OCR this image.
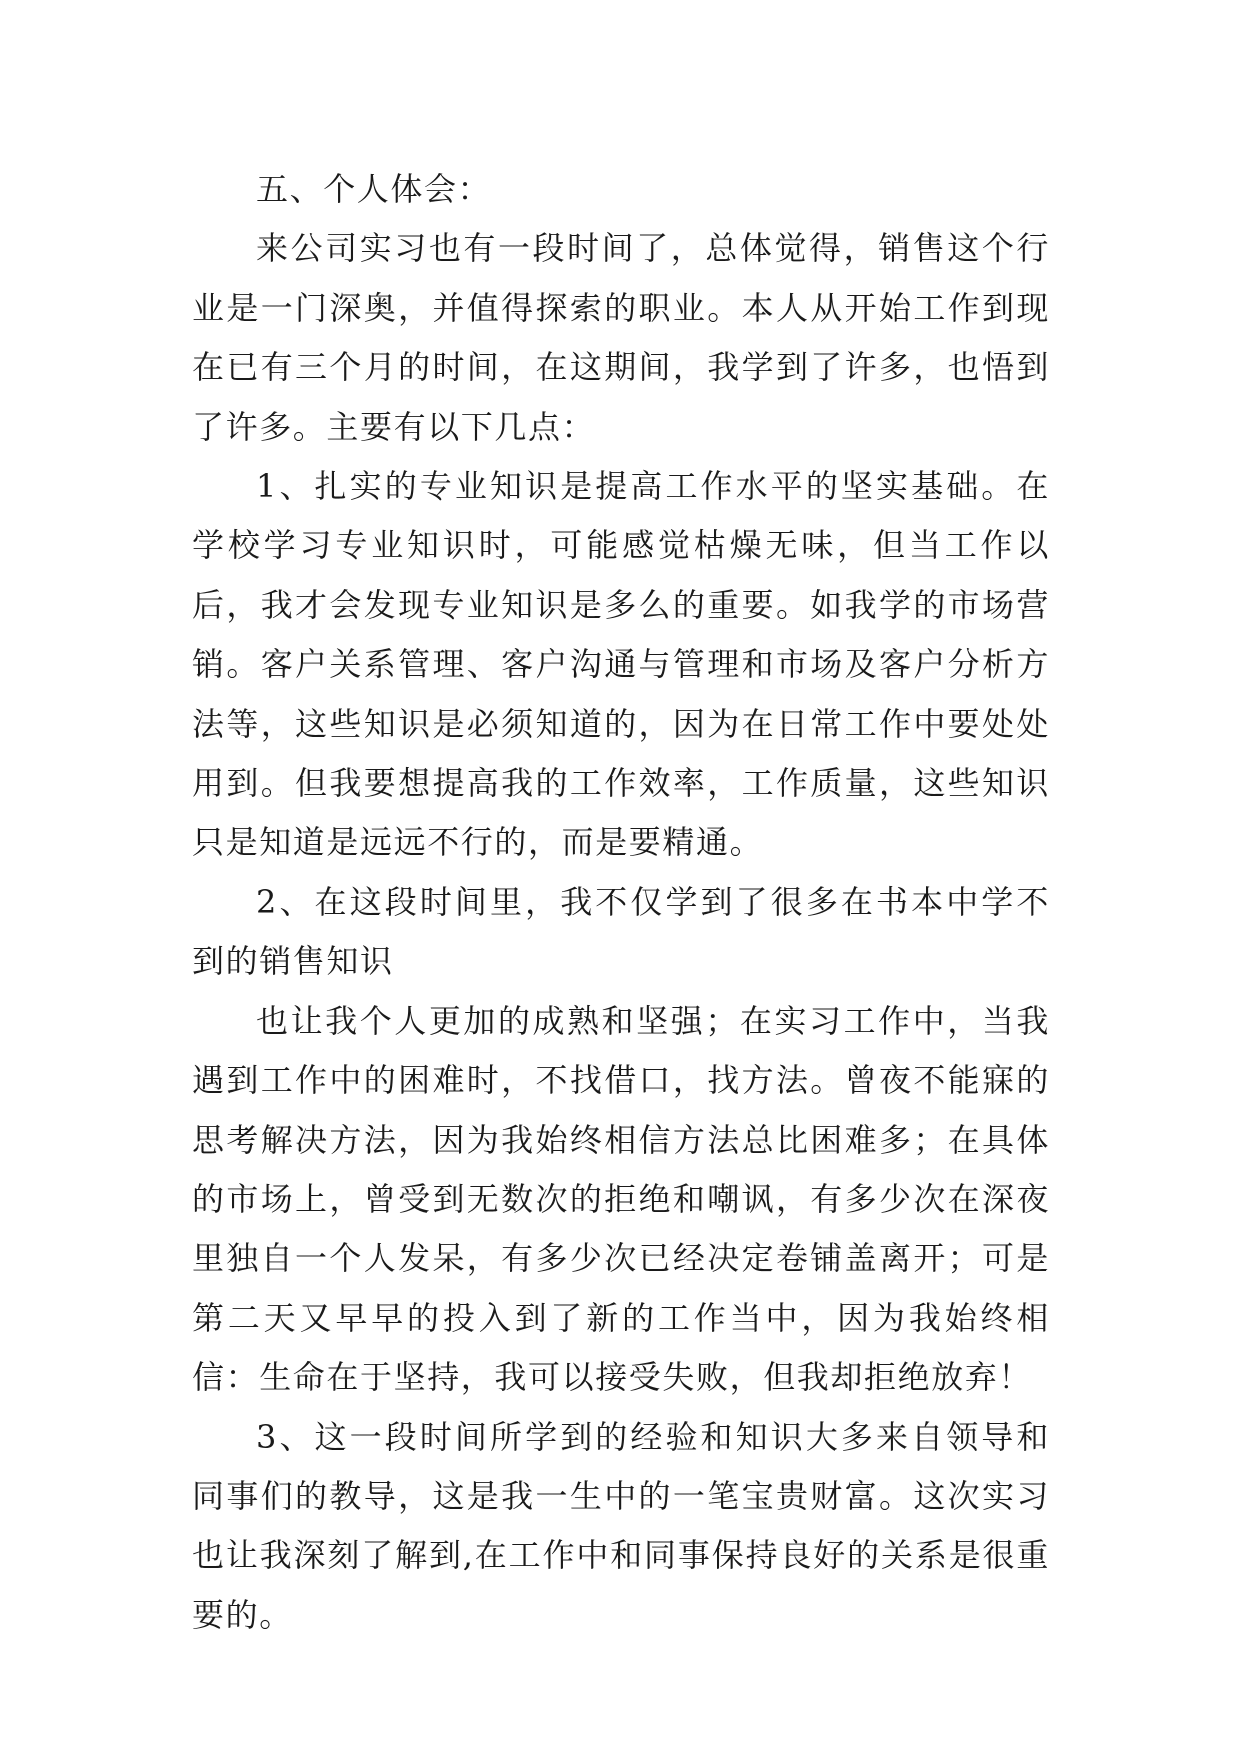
五、个人体会：

来公司实习也有一段时间了，总体觉得，销售这个行业是一门深奥，并值得探索的职业。本人从开始工作到现在已有三个月的时间，在这期间，我学到了许多，也悟到了许多。主要有以下几点：

1、扎实的专业知识是提高工作水平的坚实基础。在学校学习专业知识时，可能感觉枯燥无味，但当工作以后，我才会发现专业知识是多么的重要。如我学的市场营销。客户关系管理、客户沟通与管理和市场及客户分析方法等，这些知识是必须知道的，因为在日常工作中要处处用到。但我要想提高我的工作效率，工作质量，这些知识只是知道是远远不行的，而是要精通。

2、在这段时间里，我不仅学到了很多在书本中学不到的销售知识

也让我个人更加的成熟和坚强；在实习工作中，当我遇到工作中的困难时，不找借口，找方法。曾夜不能寐的思考解决方法，因为我始终相信方法总比困难多；在具体的市场上，曾受到无数次的拒绝和嘲讽，有多少次在深夜里独自一个人发呆，有多少次已经决定卷铺盖离开；可是第二天又早早的投入到了新的工作当中，因为我始终相信：生命在于坚持，我可以接受失败，但我却拒绝放弃！

3、这一段时间所学到的经验和知识大多来自领导和同事们的教导，这是我一生中的一笔宝贵财富。这次实习也让我深刻了解到,在工作中和同事保持良好的关系是很重要的。
